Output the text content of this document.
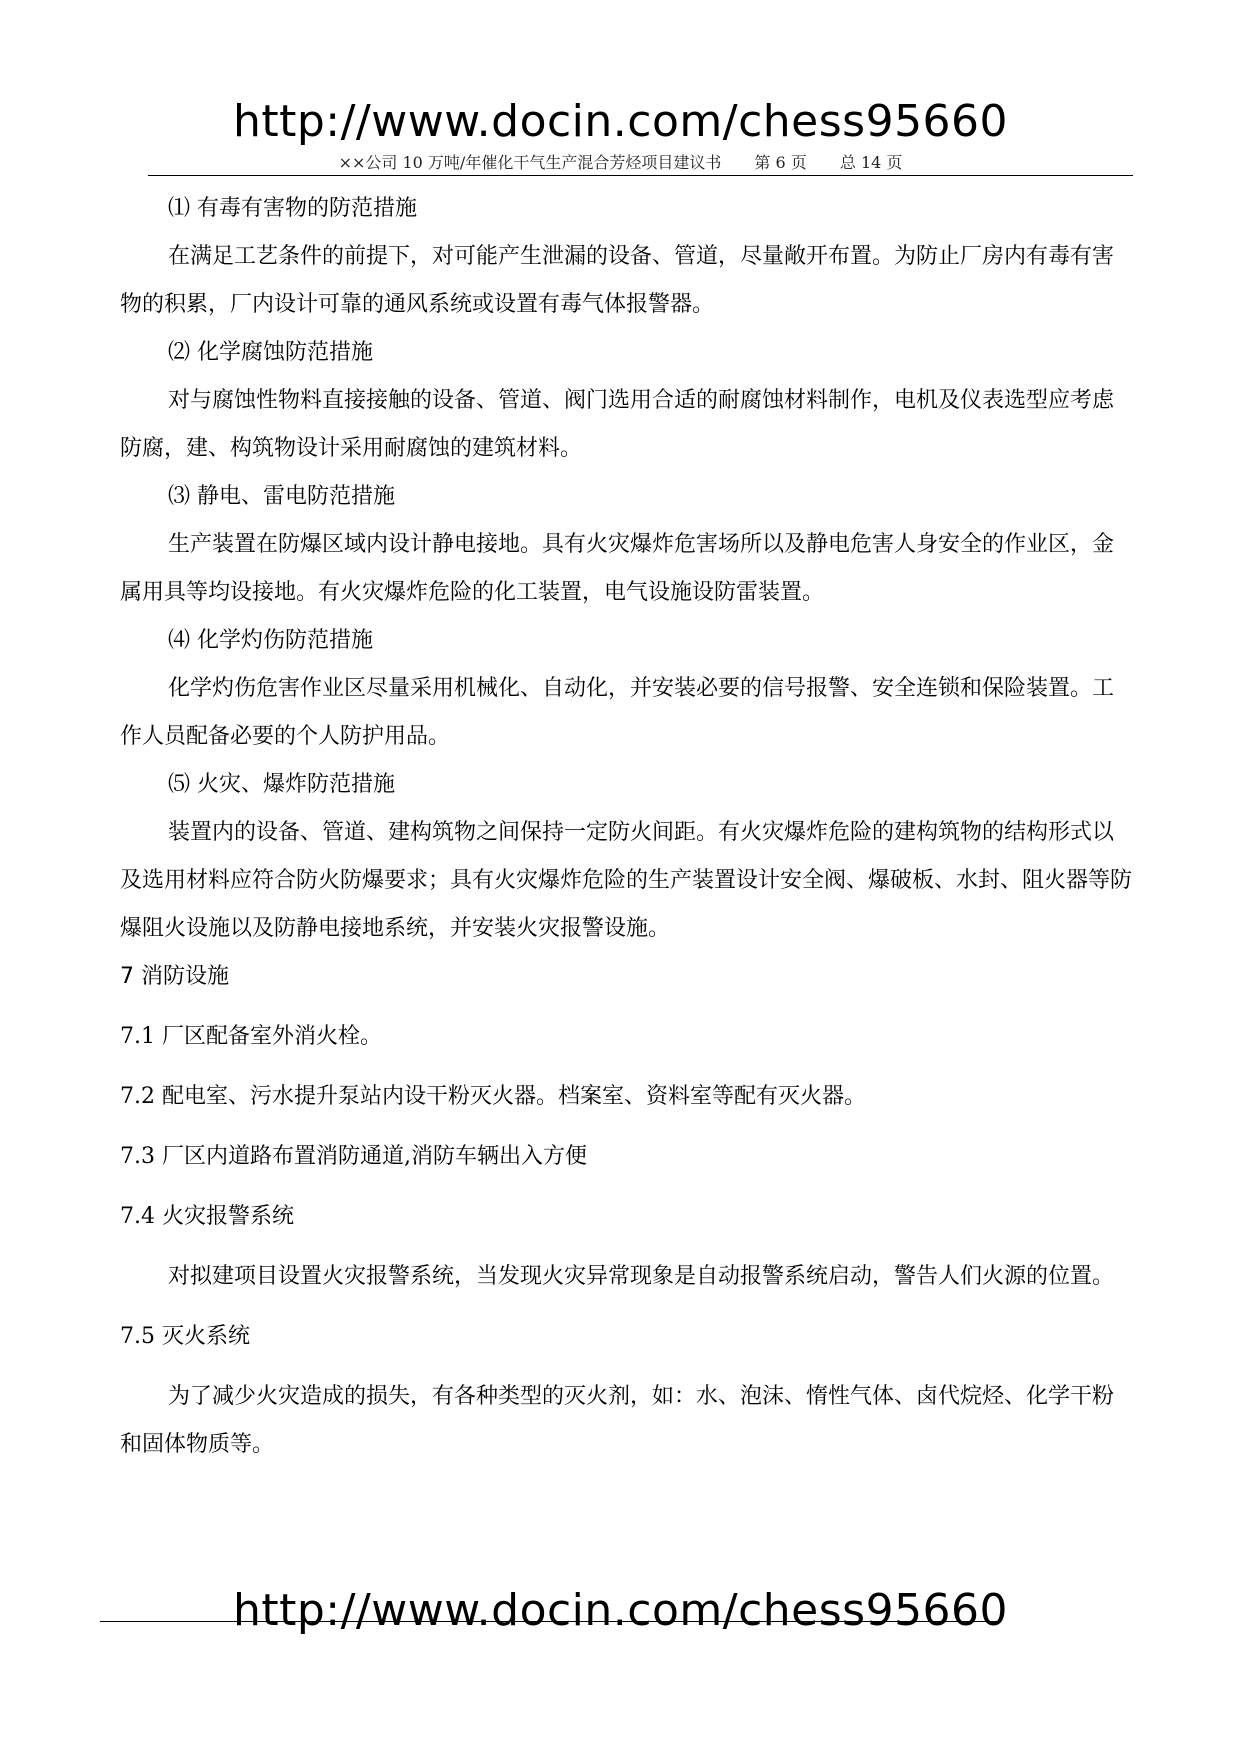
http://www.docin.com/chess95660
××公司 10 万吨/年催化干气生产混合芳烃项目建议书 第 6 页 总 14 页

⑴ 有毒有害物的防范措施

在满足工艺条件的前提下，对可能产生泄漏的设备、管道，尽量敞开布置。为防止厂房内有毒有害物的积累，厂内设计可靠的通风系统或设置有毒气体报警器。

⑵ 化学腐蚀防范措施

对与腐蚀性物料直接接触的设备、管道、阀门选用合适的耐腐蚀材料制作，电机及仪表选型应考虑防腐，建、构筑物设计采用耐腐蚀的建筑材料。

⑶ 静电、雷电防范措施

生产装置在防爆区域内设计静电接地。具有火灾爆炸危害场所以及静电危害人身安全的作业区，金属用具等均设接地。有火灾爆炸危险的化工装置，电气设施设防雷装置。

⑷ 化学灼伤防范措施

化学灼伤危害作业区尽量采用机械化、自动化，并安装必要的信号报警、安全连锁和保险装置。工作人员配备必要的个人防护用品。

⑸ 火灾、爆炸防范措施

装置内的设备、管道、建构筑物之间保持一定防火间距。有火灾爆炸危险的建构筑物的结构形式以及选用材料应符合防火防爆要求；具有火灾爆炸危险的生产装置设计安全阀、爆破板、水封、阻火器等防爆阻火设施以及防静电接地系统，并安装火灾报警设施。

7 消防设施

7.1 厂区配备室外消火栓。

7.2 配电室、污水提升泵站内设干粉灭火器。档案室、资料室等配有灭火器。

7.3 厂区内道路布置消防通道,消防车辆出入方便

7.4 火灾报警系统

对拟建项目设置火灾报警系统，当发现火灾异常现象是自动报警系统启动，警告人们火源的位置。

7.5 灭火系统

为了减少火灾造成的损失，有各种类型的灭火剂，如：水、泡沫、惰性气体、卤代烷烃、化学干粉和固体物质等。

http://www.docin.com/chess95660
